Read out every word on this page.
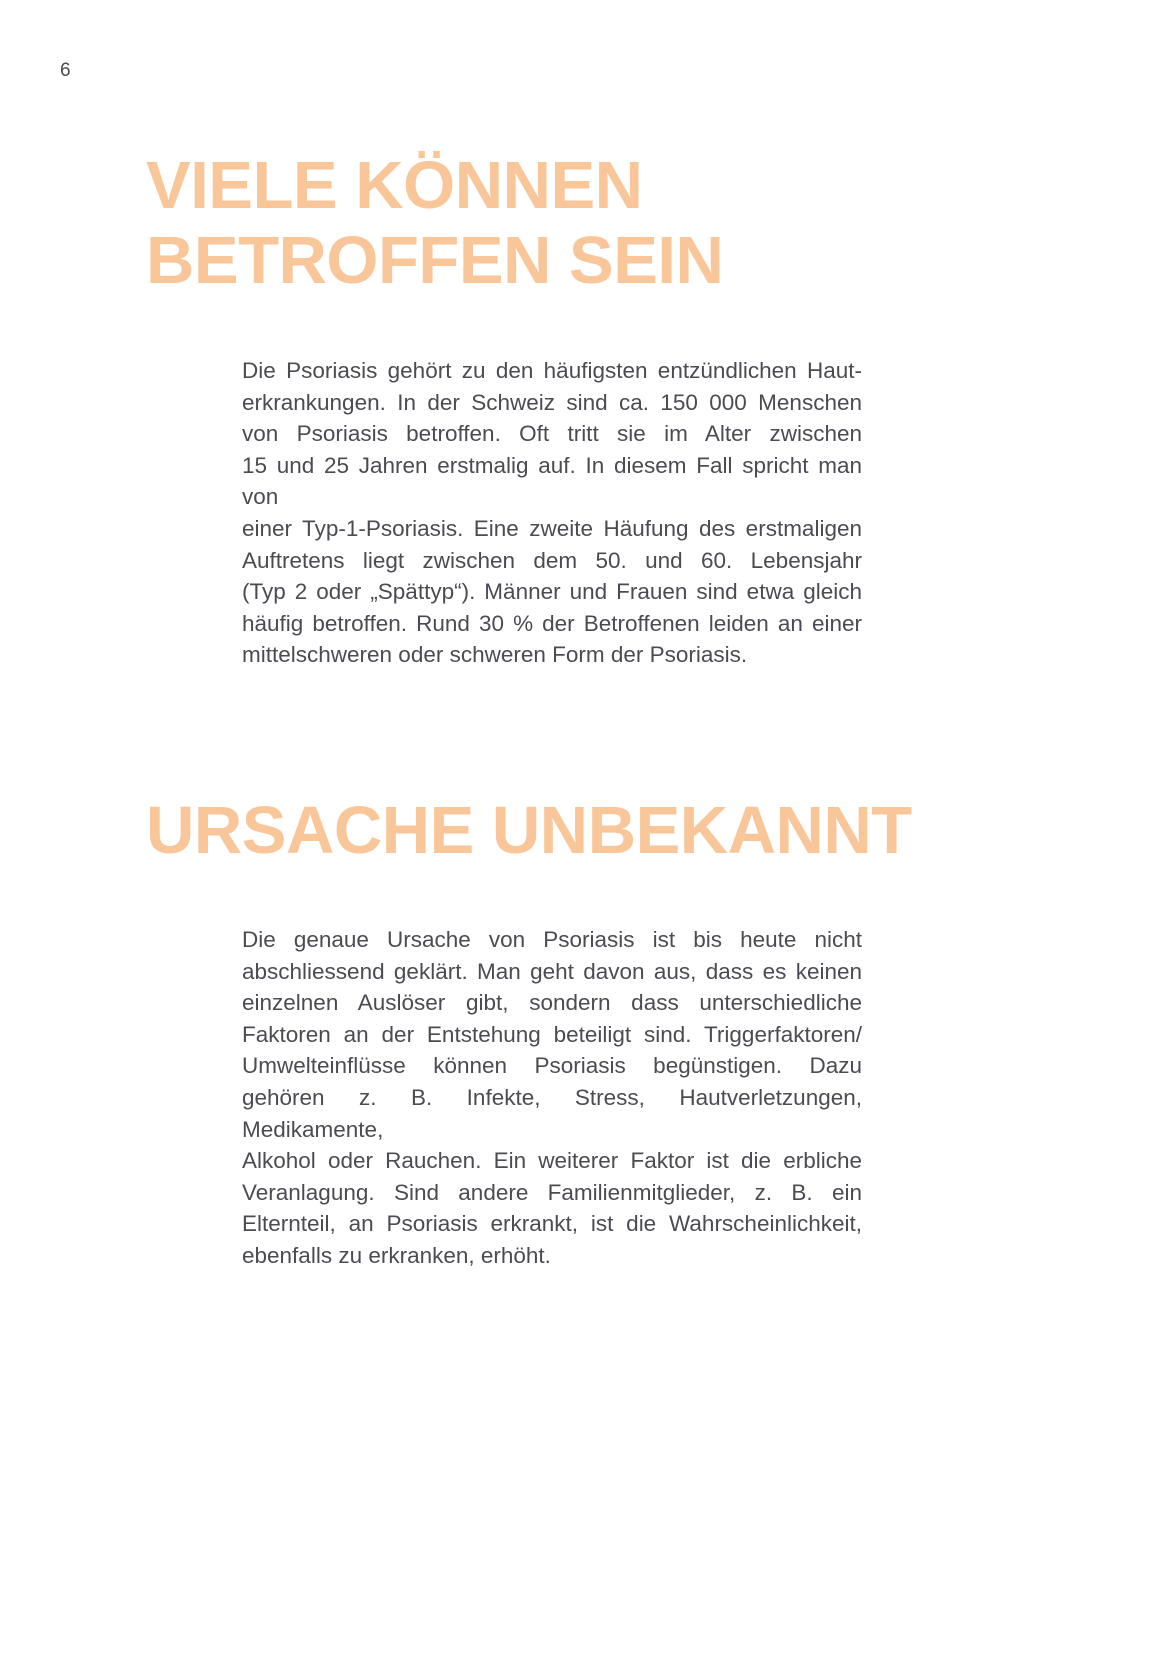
6
VIELE KÖNNEN
BETROFFEN SEIN
Die Psoriasis gehört zu den häufigsten entzündlichen Haut-
erkrankungen. In der Schweiz sind ca. 150 000 Menschen
von Psoriasis betroffen. Oft tritt sie im Alter zwischen
15 und 25 Jahren erstmalig auf. In diesem Fall spricht man von
einer Typ-1-Psoriasis. Eine zweite Häufung des erstmaligen
Auftretens liegt zwischen dem 50. und 60. Lebensjahr
(Typ 2 oder „Spättyp“). Männer und Frauen sind etwa gleich
häufig betroffen. Rund 30 % der Betroffenen leiden an einer
mittelschweren oder schweren Form der Psoriasis.
URSACHE UNBEKANNT
Die genaue Ursache von Psoriasis ist bis heute nicht
abschliessend geklärt. Man geht davon aus, dass es keinen
einzelnen Auslöser gibt, sondern dass unterschiedliche
Faktoren an der Entstehung beteiligt sind. Triggerfaktoren/
Umwelteinflüsse können Psoriasis begünstigen. Dazu
gehören z. B. Infekte, Stress, Hautverletzungen, Medikamente,
Alkohol oder Rauchen. Ein weiterer Faktor ist die erbliche
Veranlagung. Sind andere Familienmitglieder, z. B. ein
Elternteil, an Psoriasis erkrankt, ist die Wahrscheinlichkeit,
ebenfalls zu erkranken, erhöht.
